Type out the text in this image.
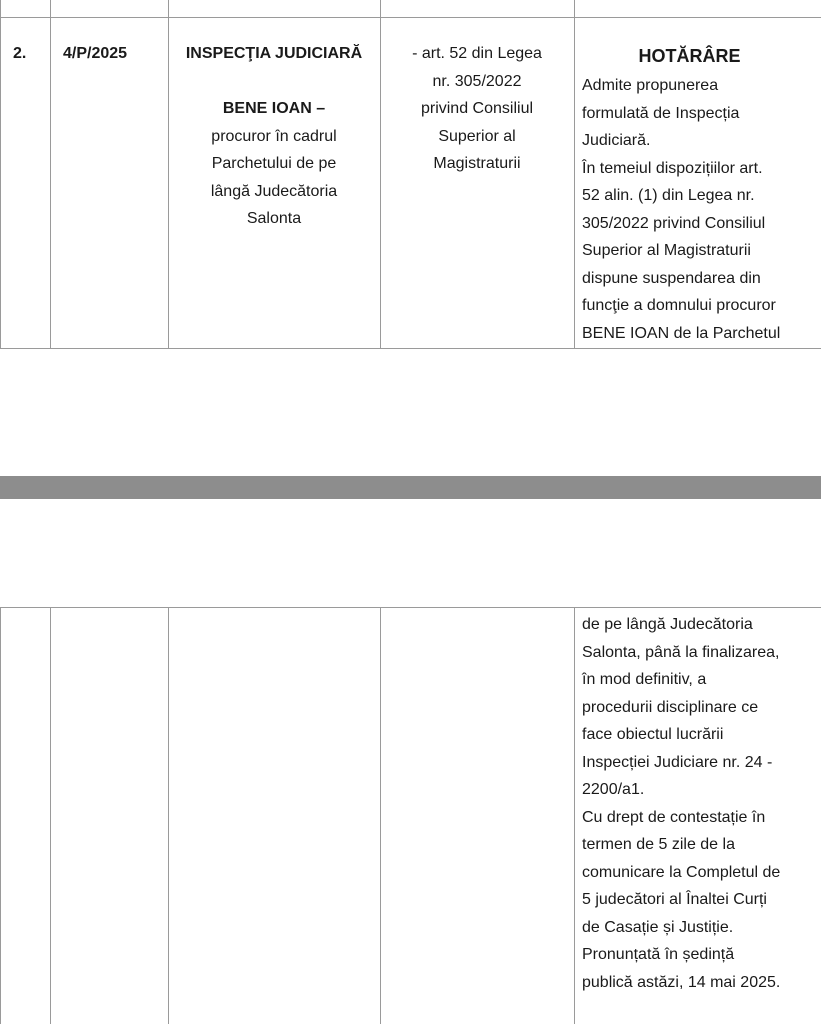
2.	4/P/2025	INSPECŢIA JUDICIARĂ
BENE IOAN –
procuror în cadrul
Parchetului de pe
lângă Judecătoria
Salonta
- art. 52 din Legea
nr. 305/2022
privind Consiliul
Superior al
Magistraturii
HOTĂRÂRE
Admite propunerea
formulată de Inspecția
Judiciară.
În temeiul dispozițiilor art.
52 alin. (1) din Legea nr.
305/2022 privind Consiliul
Superior al Magistraturii
dispune suspendarea din
funcţie a domnului procuror
BENE IOAN de la Parchetul
de pe lângă Judecătoria
Salonta, până la finalizarea,
în mod definitiv, a
procedurii disciplinare ce
face obiectul lucrării
Inspecției Judiciare nr. 24 -
2200/a1.
Cu drept de contestație în
termen de 5 zile de la
comunicare la Completul de
5 judecători al Înaltei Curți
de Casație și Justiție.
Pronunțată în ședință
publică astăzi, 14 mai 2025.
